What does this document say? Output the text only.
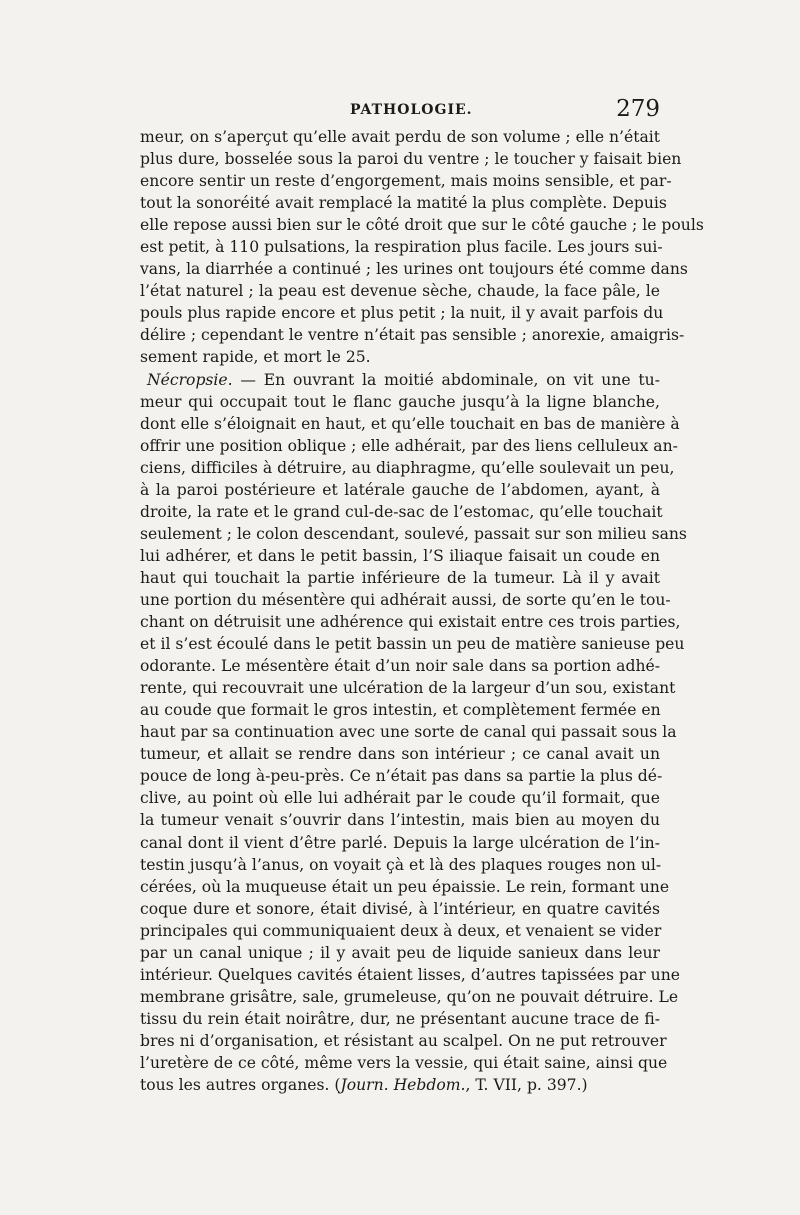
PATHOLOGIE.	279
meur, on s’aperçut qu’elle avait perdu de son volume ; elle n’était
plus dure, bosselée sous la paroi du ventre ; le toucher y faisait bien
encore sentir un reste d’engorgement, mais moins sensible, et par-
tout la sonoréité avait remplacé la matité la plus complète. Depuis
elle repose aussi bien sur le côté droit que sur le côté gauche ; le pouls
est petit, à 110 pulsations, la respiration plus facile. Les jours sui-
vans, la diarrhée a continué ; les urines ont toujours été comme dans
l’état naturel ; la peau est devenue sèche, chaude, la face pâle, le
pouls plus rapide encore et plus petit ; la nuit, il y avait parfois du
délire ; cependant le ventre n’était pas sensible ; anorexie, amaigris-
sement rapide, et mort le 25.
Nécropsie. — En ouvrant la moitié abdominale, on vit une tu-
meur qui occupait tout le flanc gauche jusqu’à la ligne blanche,
dont elle s’éloignait en haut, et qu’elle touchait en bas de manière à
offrir une position oblique ; elle adhérait, par des liens celluleux an-
ciens, difficiles à détruire, au diaphragme, qu’elle soulevait un peu,
à la paroi postérieure et latérale gauche de l’abdomen, ayant, à
droite, la rate et le grand cul-de-sac de l’estomac, qu’elle touchait
seulement ; le colon descendant, soulevé, passait sur son milieu sans
lui adhérer, et dans le petit bassin, l’S iliaque faisait un coude en
haut qui touchait la partie inférieure de la tumeur. Là il y avait
une portion du mésentère qui adhérait aussi, de sorte qu’en le tou-
chant on détruisit une adhérence qui existait entre ces trois parties,
et il s’est écoulé dans le petit bassin un peu de matière sanieuse peu
odorante. Le mésentère était d’un noir sale dans sa portion adhé-
rente, qui recouvrait une ulcération de la largeur d’un sou, existant
au coude que formait le gros intestin, et complètement fermée en
haut par sa continuation avec une sorte de canal qui passait sous la
tumeur, et allait se rendre dans son intérieur ; ce canal avait un
pouce de long à-peu-près. Ce n’était pas dans sa partie la plus dé-
clive, au point où elle lui adhérait par le coude qu’il formait, que
la tumeur venait s’ouvrir dans l’intestin, mais bien au moyen du
canal dont il vient d’être parlé. Depuis la large ulcération de l’in-
testin jusqu’à l’anus, on voyait çà et là des plaques rouges non ul-
cérées, où la muqueuse était un peu épaissie. Le rein, formant une
coque dure et sonore, était divisé, à l’intérieur, en quatre cavités
principales qui communiquaient deux à deux, et venaient se vider
par un canal unique ; il y avait peu de liquide sanieux dans leur
intérieur. Quelques cavités étaient lisses, d’autres tapissées par une
membrane grisâtre, sale, grumeleuse, qu’on ne pouvait détruire. Le
tissu du rein était noirâtre, dur, ne présentant aucune trace de fi-
bres ni d’organisation, et résistant au scalpel. On ne put retrouver
l’uretère de ce côté, même vers la vessie, qui était saine, ainsi que
tous les autres organes. (Journ. Hebdom., T. VII, p. 397.)
